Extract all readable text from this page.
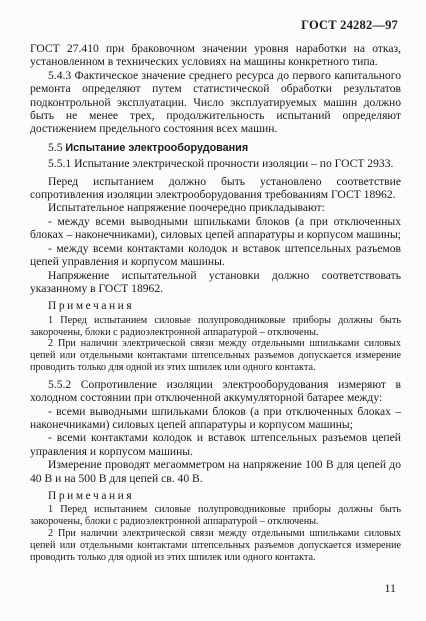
ГОСТ 24282—97

ГОСТ 27.410 при браковочном значении уровня наработки на отказ, установленном в технических условиях на машины конкретного типа.

5.4.3 Фактическое значение среднего ресурса до первого капитального ремонта определяют путем статистической обработки результатов подконтрольной эксплуатации. Число эксплуатируемых машин должно быть не менее трех, продолжительность испытаний определяют достижением предельного состояния всех машин.

5.5 Испытание электрооборудования

5.5.1 Испытание электрической прочности изоляции – по ГОСТ 2933.

Перед испытанием должно быть установлено соответствие сопротивления изоляции электрооборудования требованиям ГОСТ 18962.

Испытательное напряжение поочередно прикладывают:

- между всеми выводными шпильками блоков (а при отключенных блоках – наконечниками), силовых цепей аппаратуры и корпусом машины;

- между всеми контактами колодок и вставок штепсельных разъемов цепей управления и корпусом машины.

Напряжение испытательной установки должно соответствовать указанному в ГОСТ 18962.

Примечания

1 Перед испытанием силовые полупроводниковые приборы должны быть закорочены, блоки с радиоэлектронной аппаратурой – отключены.

2 При наличии электрической связи между отдельными шпильками силовых цепей или отдельными контактами штепсельных разъемов допускается измерение проводить только для одной из этих шпилек или одного контакта.

5.5.2 Сопротивление изоляции электрооборудования измеряют в холодном состоянии при отключенной аккумуляторной батарее между:

- всеми выводными шпильками блоков (а при отключенных блоках – наконечниками) силовых цепей аппаратуры и корпусом машины;

- всеми контактами колодок и вставок штепсельных разъемов цепей управления и корпусом машины.

Измерение проводят мегаомметром на напряжение 100 В для цепей до 40 В и на 500 В для цепей св. 40 В.

Примечания

1 Перед испытанием силовые полупроводниковые приборы должны быть закорочены, блоки с радиоэлектронной аппаратурой – отключены.

2 При наличии электрической связи между отдельными шпильками силовых цепей или отдельными контактами штепсельных разъемов допускается измерение проводить только для одной из этих шпилек или одного контакта.

11
